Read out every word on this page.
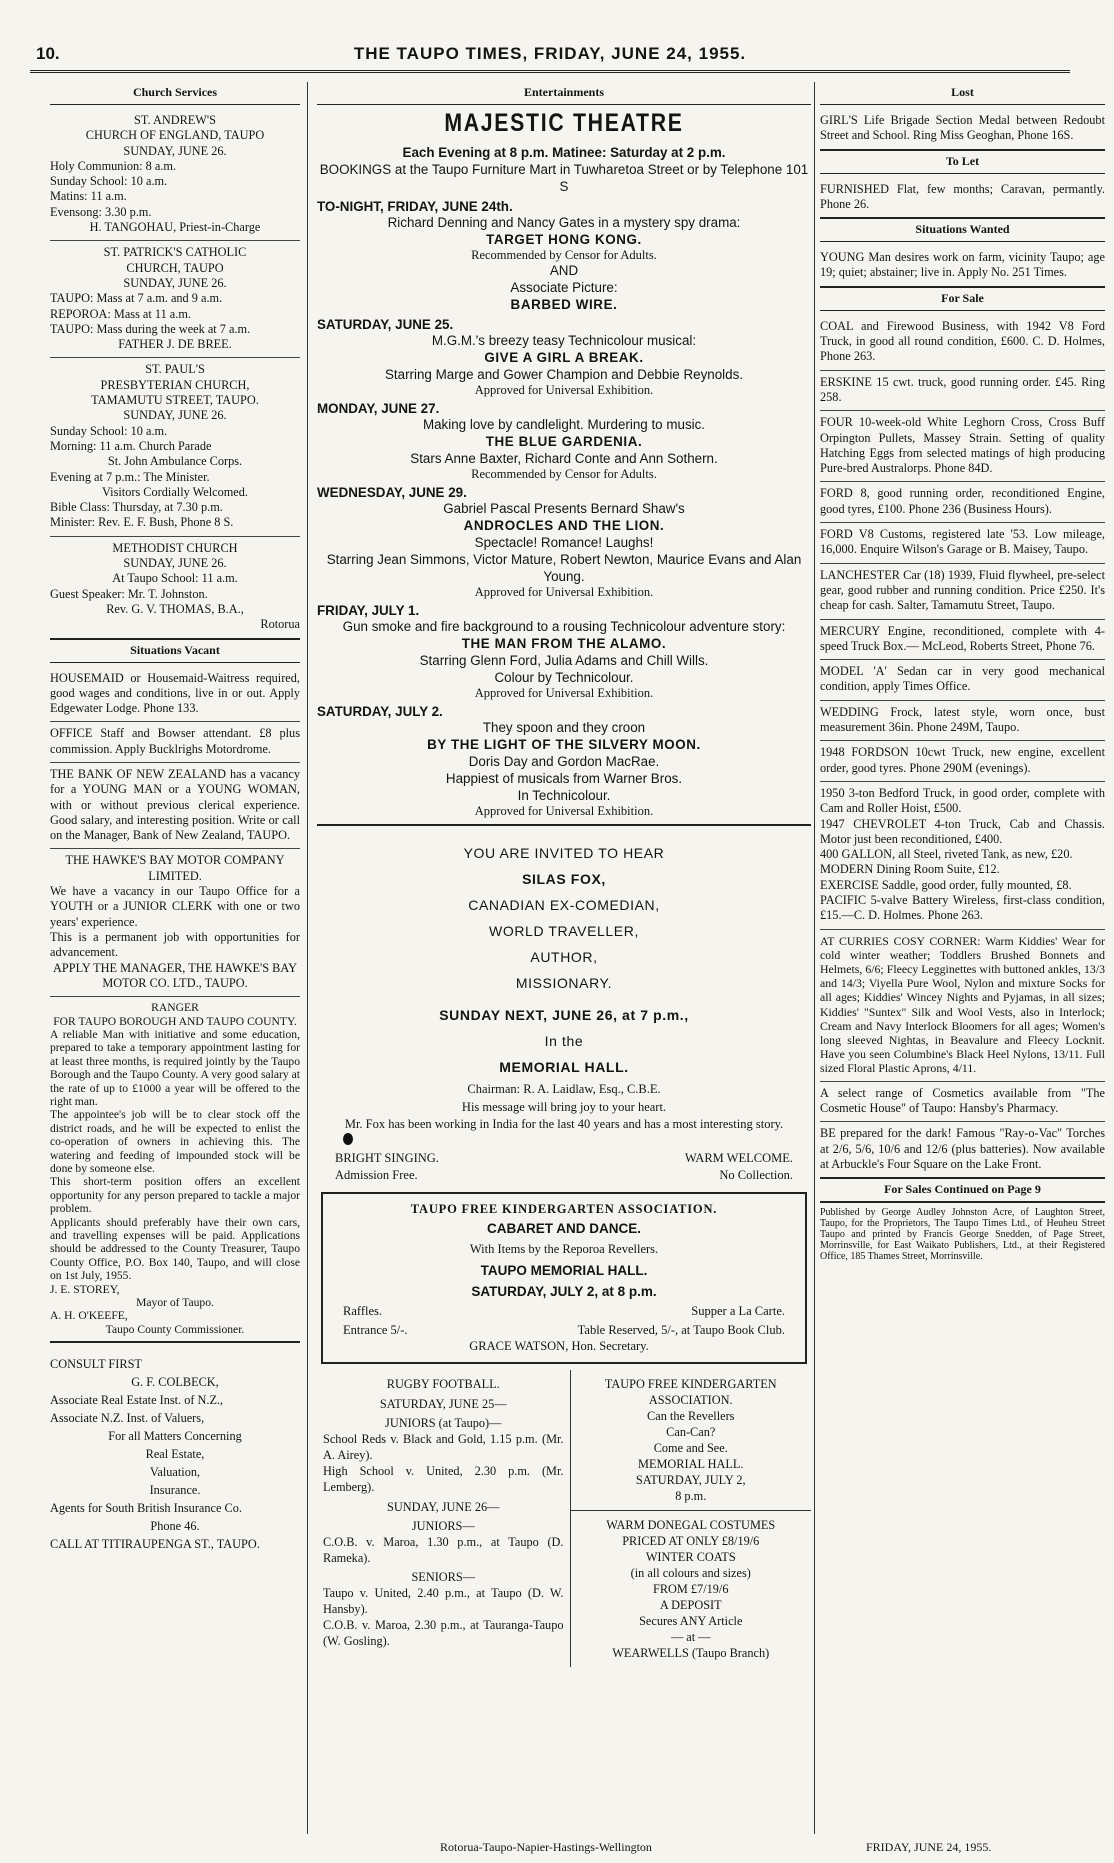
10.	THE TAUPO TIMES, FRIDAY, JUNE 24, 1955.
Church Services

ST. ANDREW'S

CHURCH OF ENGLAND, TAUPO

SUNDAY, JUNE 26.

Holy Communion: 8 a.m.

Sunday School: 10 a.m.

Matins: 11 a.m.

Evensong: 3.30 p.m.

H. TANGOHAU, Priest-in-Charge

ST. PATRICK'S CATHOLIC

CHURCH, TAUPO

SUNDAY, JUNE 26.

TAUPO: Mass at 7 a.m. and 9 a.m.

REPOROA: Mass at 11 a.m.

TAUPO: Mass during the week at 7 a.m.

FATHER J. DE BREE.

ST. PAUL'S

PRESBYTERIAN CHURCH,

TAMAMUTU STREET, TAUPO.

SUNDAY, JUNE 26.

Sunday School: 10 a.m.

Morning: 11 a.m. Church Parade

St. John Ambulance Corps.

Evening at 7 p.m.: The Minister.

Visitors Cordially Welcomed.

Bible Class: Thursday, at 7.30 p.m.

Minister: Rev. E. F. Bush, Phone 8 S.

METHODIST CHURCH

SUNDAY, JUNE 26.

At Taupo School: 11 a.m.

Guest Speaker: Mr. T. Johnston.

Rev. G. V. THOMAS, B.A.,

Rotorua

Situations Vacant
HOUSEMAID or Housemaid-Waitress required, good wages and conditions, live in or out. Apply Edgewater Lodge. Phone 133.
OFFICE Staff and Bowser attendant. £8 plus commission. Apply Bucklrighs Motordrome.
THE BANK OF NEW ZEALAND has a vacancy for a YOUNG MAN or a YOUNG WOMAN, with or without previous clerical experience. Good salary, and interesting position. Write or call on the Manager, Bank of New Zealand, TAUPO.

THE HAWKE'S BAY MOTOR COMPANY LIMITED.

We have a vacancy in our Taupo Office for a YOUTH or a JUNIOR CLERK with one or two years' experience.

This is a permanent job with opportunities for advancement.

APPLY THE MANAGER, THE HAWKE'S BAY MOTOR CO. LTD., TAUPO.

RANGER

FOR TAUPO BOROUGH AND TAUPO COUNTY.

A reliable Man with initiative and some education, prepared to take a temporary appointment lasting for at least three months, is required jointly by the Taupo Borough and the Taupo County. A very good salary at the rate of up to £1000 a year will be offered to the right man.

The appointee's job will be to clear stock off the district roads, and he will be expected to enlist the co-operation of owners in achieving this. The watering and feeding of impounded stock will be done by someone else.

This short-term position offers an excellent opportunity for any person prepared to tackle a major problem.

Applicants should preferably have their own cars, and travelling expenses will be paid. Applications should be addressed to the County Treasurer, Taupo County Office, P.O. Box 140, Taupo, and will close on 1st July, 1955.

J. E. STOREY,

Mayor of Taupo.

A. H. O'KEEFE,

Taupo County Commissioner.

CONSULT FIRST

G. F. COLBECK,

Associate Real Estate Inst. of N.Z.,

Associate N.Z. Inst. of Valuers,

For all Matters Concerning

Real Estate,

Valuation,

Insurance.

Agents for South British Insurance Co.

Phone 46.

CALL AT TITIRAUPENGA ST., TAUPO.

Entertainments
MAJESTIC THEATRE

Each Evening at 8 p.m. Matinee: Saturday at 2 p.m.

BOOKINGS at the Taupo Furniture Mart in Tuwharetoa Street or by Telephone 101 S

TO-NIGHT, FRIDAY, JUNE 24th.

Richard Denning and Nancy Gates in a mystery spy drama:

TARGET HONG KONG.

Recommended by Censor for Adults.

AND

Associate Picture:

BARBED WIRE.

SATURDAY, JUNE 25.

M.G.M.'s breezy teasy Technicolour musical:

GIVE A GIRL A BREAK.

Starring Marge and Gower Champion and Debbie Reynolds.

Approved for Universal Exhibition.

MONDAY, JUNE 27.

Making love by candlelight. Murdering to music.

THE BLUE GARDENIA.

Stars Anne Baxter, Richard Conte and Ann Sothern.

Recommended by Censor for Adults.

WEDNESDAY, JUNE 29.

Gabriel Pascal Presents Bernard Shaw's

ANDROCLES AND THE LION.

Spectacle! Romance! Laughs!

Starring Jean Simmons, Victor Mature, Robert Newton, Maurice Evans and Alan Young.

Approved for Universal Exhibition.

FRIDAY, JULY 1.

Gun smoke and fire background to a rousing Technicolour adventure story:

THE MAN FROM THE ALAMO.

Starring Glenn Ford, Julia Adams and Chill Wills.

Colour by Technicolour.

Approved for Universal Exhibition.

SATURDAY, JULY 2.

They spoon and they croon

BY THE LIGHT OF THE SILVERY MOON.

Doris Day and Gordon MacRae.

Happiest of musicals from Warner Bros.

In Technicolour.

Approved for Universal Exhibition.

YOU ARE INVITED TO HEAR

SILAS FOX,

CANADIAN EX-COMEDIAN,

WORLD TRAVELLER,

AUTHOR,

MISSIONARY.

SUNDAY NEXT, JUNE 26, at 7 p.m.,

In the

MEMORIAL HALL.

Chairman: R. A. Laidlaw, Esq., C.B.E.

His message will bring joy to your heart.

Mr. Fox has been working in India for the last 40 years and has a most interesting story.

BRIGHT SINGING.	WARM WELCOME.
Admission Free.	No Collection.

TAUPO FREE KINDERGARTEN ASSOCIATION.

CABARET AND DANCE.

With Items by the Reporoa Revellers.

TAUPO MEMORIAL HALL.

SATURDAY, JULY 2, at 8 p.m.

Raffles.	Supper a La Carte.
Entrance 5/-.	Table Reserved, 5/-, at Taupo Book Club.

GRACE WATSON, Hon. Secretary.

RUGBY FOOTBALL.

SATURDAY, JUNE 25—

JUNIORS (at Taupo)—

School Reds v. Black and Gold, 1.15 p.m. (Mr. A. Airey).

High School v. United, 2.30 p.m. (Mr. Lemberg).

SUNDAY, JUNE 26—

JUNIORS—

C.O.B. v. Maroa, 1.30 p.m., at Taupo (D. Rameka).

SENIORS—

Taupo v. United, 2.40 p.m., at Taupo (D. W. Hansby).

C.O.B. v. Maroa, 2.30 p.m., at Tauranga-Taupo (W. Gosling).

TAUPO FREE KINDERGARTEN ASSOCIATION.

Can the Revellers

Can-Can?

Come and See.

MEMORIAL HALL.

SATURDAY, JULY 2,

8 p.m.

WARM DONEGAL COSTUMES

PRICED AT ONLY £8/19/6

WINTER COATS

(in all colours and sizes)

FROM £7/19/6

A DEPOSIT

Secures ANY Article

— at —

WEARWELLS (Taupo Branch)

Lost
GIRL'S Life Brigade Section Medal between Redoubt Street and School. Ring Miss Geoghan, Phone 16S.
To Let
FURNISHED Flat, few months; Caravan, permantly. Phone 26.
Situations Wanted
YOUNG Man desires work on farm, vicinity Taupo; age 19; quiet; abstainer; live in. Apply No. 251 Times.
For Sale
COAL and Firewood Business, with 1942 V8 Ford Truck, in good all round condition, £600. C. D. Holmes, Phone 263.
ERSKINE 15 cwt. truck, good running order. £45. Ring 258.
FOUR 10-week-old White Leghorn Cross, Cross Buff Orpington Pullets, Massey Strain. Setting of quality Hatching Eggs from selected matings of high producing Pure-bred Australorps. Phone 84D.
FORD 8, good running order, reconditioned Engine, good tyres, £100. Phone 236 (Business Hours).
FORD V8 Customs, registered late '53. Low mileage, 16,000. Enquire Wilson's Garage or B. Maisey, Taupo.
LANCHESTER Car (18) 1939, Fluid flywheel, pre-select gear, good rubber and running condition. Price £250. It's cheap for cash. Salter, Tamamutu Street, Taupo.
MERCURY Engine, reconditioned, complete with 4-speed Truck Box.— McLeod, Roberts Street, Phone 76.
MODEL 'A' Sedan car in very good mechanical condition, apply Times Office.
WEDDING Frock, latest style, worn once, bust measurement 36in. Phone 249M, Taupo.
1948 FORDSON 10cwt Truck, new engine, excellent order, good tyres. Phone 290M (evenings).

1950 3-ton Bedford Truck, in good order, complete with Cam and Roller Hoist, £500.

1947 CHEVROLET 4-ton Truck, Cab and Chassis. Motor just been reconditioned, £400.

400 GALLON, all Steel, riveted Tank, as new, £20.

MODERN Dining Room Suite, £12.

EXERCISE Saddle, good order, fully mounted, £8.

PACIFIC 5-valve Battery Wireless, first-class condition, £15.—C. D. Holmes. Phone 263.

AT CURRIES COSY CORNER: Warm Kiddies' Wear for cold winter weather; Toddlers Brushed Bonnets and Helmets, 6/6; Fleecy Legginettes with buttoned ankles, 13/3 and 14/3; Viyella Pure Wool, Nylon and mixture Socks for all ages; Kiddies' Wincey Nights and Pyjamas, in all sizes; Kiddies' "Suntex" Silk and Wool Vests, also in Interlock; Cream and Navy Interlock Bloomers for all ages; Women's long sleeved Nightas, in Beavalure and Fleecy Locknit. Have you seen Columbine's Black Heel Nylons, 13/11. Full sized Floral Plastic Aprons, 4/11.
A select range of Cosmetics available from "The Cosmetic House" of Taupo: Hansby's Pharmacy.
BE prepared for the dark! Famous "Ray-o-Vac" Torches at 2/6, 5/6, 10/6 and 12/6 (plus batteries). Now available at Arbuckle's Four Square on the Lake Front.
For Sales Continued on Page 9
Published by George Audley Johnston Acre, of Laughton Street, Taupo, for the Proprietors, The Taupo Times Ltd., of Heuheu Street Taupo and printed by Francis George Snedden, of Page Street, Morrinsville, for East Waikato Publishers, Ltd., at their Registered Office, 185 Thames Street, Morrinsville.
Rotorua-Taupo-Napier-Hastings-Wellington	FRIDAY, JUNE 24, 1955.
